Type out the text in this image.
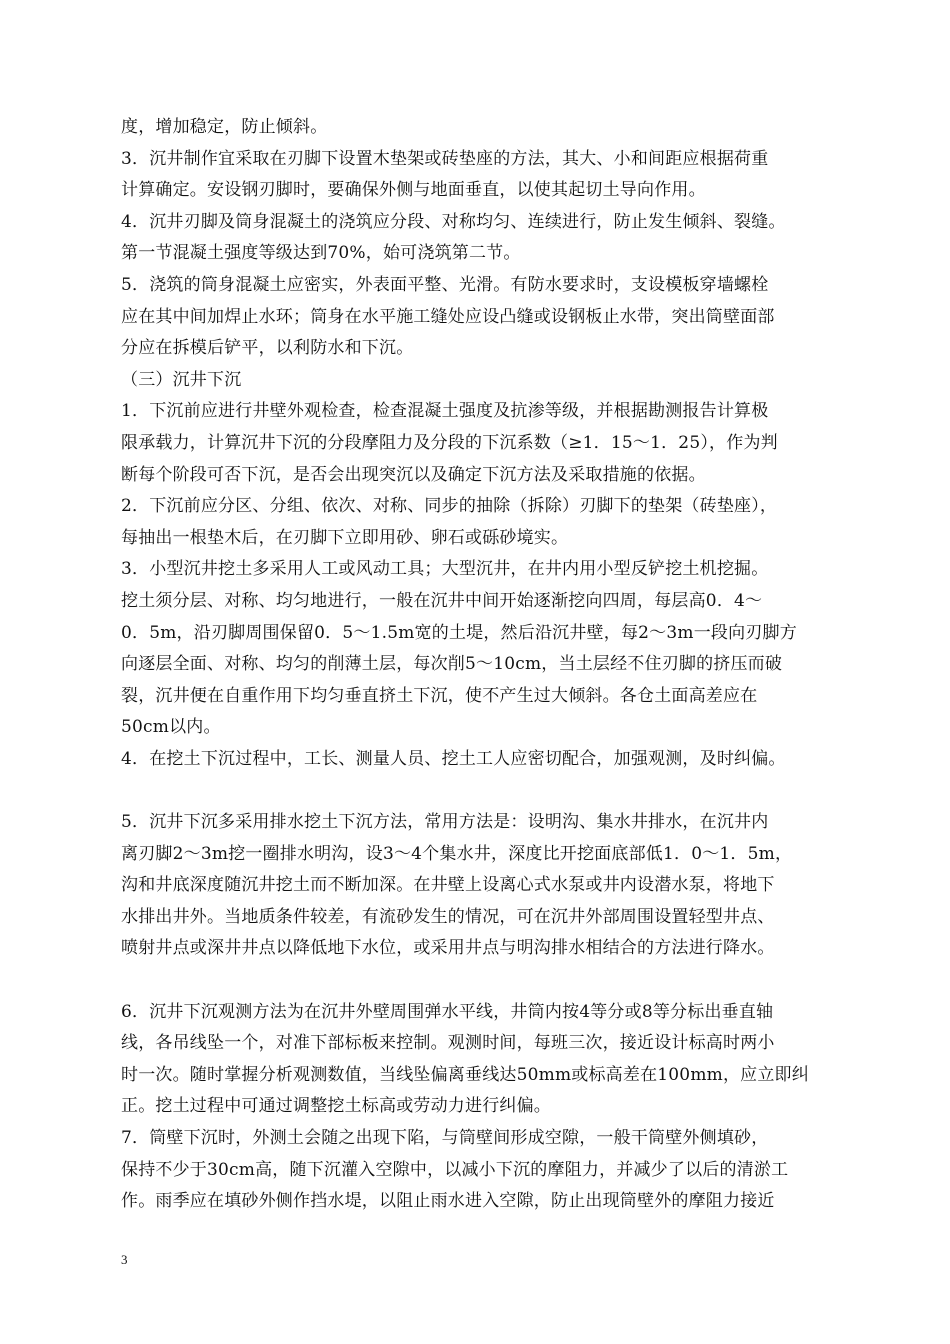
度，增加稳定，防止倾斜。
3．沉井制作宜采取在刃脚下设置木垫架或砖垫座的方法，其大、小和间距应根据荷重
计算确定。安设钢刃脚时，要确保外侧与地面垂直，以使其起切土导向作用。
4．沉井刃脚及筒身混凝土的浇筑应分段、对称均匀、连续进行，防止发生倾斜、裂缝。
第一节混凝土强度等级达到70%，始可浇筑第二节。
5．浇筑的筒身混凝土应密实，外表面平整、光滑。有防水要求时，支设模板穿墙螺栓
应在其中间加焊止水环；筒身在水平施工缝处应设凸缝或设钢板止水带，突出筒壁面部
分应在拆模后铲平，以利防水和下沉。
（三）沉井下沉
1．下沉前应进行井壁外观检查，检查混凝土强度及抗渗等级，并根据勘测报告计算极
限承载力，计算沉井下沉的分段摩阻力及分段的下沉系数（≥1．15～1．25），作为判
断每个阶段可否下沉，是否会出现突沉以及确定下沉方法及采取措施的依据。
2．下沉前应分区、分组、依次、对称、同步的抽除（拆除）刃脚下的垫架（砖垫座），
每抽出一根垫木后，在刃脚下立即用砂、卵石或砾砂境实。
3．小型沉井挖土多采用人工或风动工具；大型沉井，在井内用小型反铲挖土机挖掘。
挖土须分层、对称、均匀地进行，一般在沉井中间开始逐渐挖向四周，每层高0．4～
0．5m，沿刃脚周围保留0．5～1.5m宽的土堤，然后沿沉井壁，每2～3m一段向刃脚方
向逐层全面、对称、均匀的削薄土层，每次削5～10cm，当土层经不住刃脚的挤压而破
裂，沉井便在自重作用下均匀垂直挤土下沉，使不产生过大倾斜。各仓土面高差应在
50cm以内。
4．在挖土下沉过程中，工长、测量人员、挖土工人应密切配合，加强观测，及时纠偏。
5．沉井下沉多采用排水挖土下沉方法，常用方法是：设明沟、集水井排水，在沉井内
离刃脚2～3m挖一圈排水明沟，设3～4个集水井，深度比开挖面底部低1．0～1．5m，
沟和井底深度随沉井挖土而不断加深。在井壁上设离心式水泵或井内设潜水泵，将地下
水排出井外。当地质条件较差，有流砂发生的情况，可在沉井外部周围设置轻型井点、
喷射井点或深井井点以降低地下水位，或采用井点与明沟排水相结合的方法进行降水。
6．沉井下沉观测方法为在沉井外壁周围弹水平线，井筒内按4等分或8等分标出垂直轴
线，各吊线坠一个，对准下部标板来控制。观测时间，每班三次，接近设计标高时两小
时一次。随时掌握分析观测数值，当线坠偏离垂线达50mm或标高差在100mm，应立即纠
正。挖土过程中可通过调整挖土标高或劳动力进行纠偏。
7．筒壁下沉时，外测土会随之出现下陷，与筒壁间形成空隙，一般干筒壁外侧填砂，
保持不少于30cm高，随下沉灌入空隙中，以减小下沉的摩阻力，并减少了以后的清淤工
作。雨季应在填砂外侧作挡水堤，以阻止雨水进入空隙，防止出现筒壁外的摩阻力接近
3
